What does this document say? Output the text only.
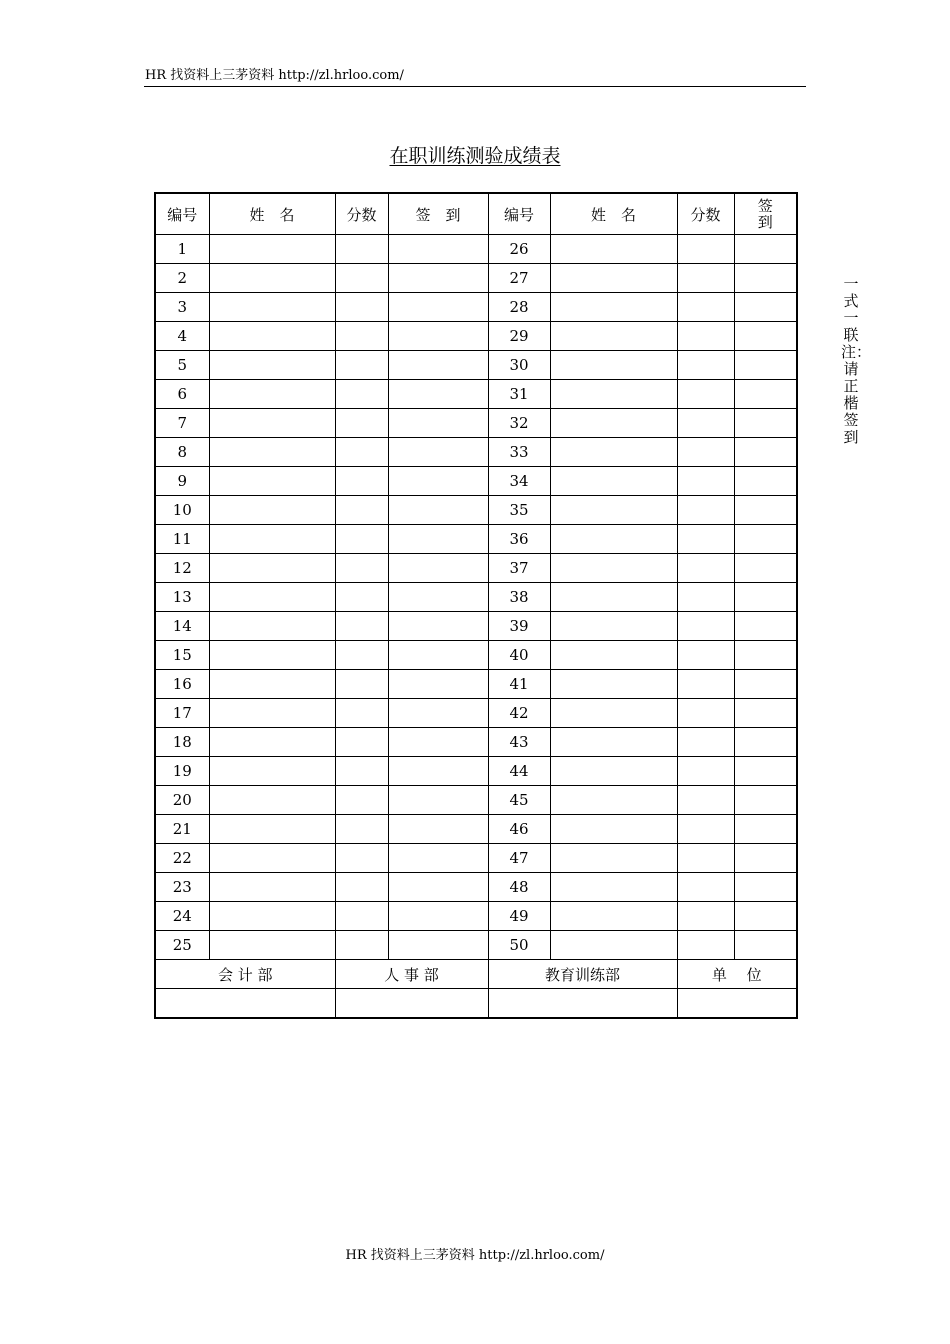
HR 找资料上三茅资料 http://zl.hrloo.com/
在职训练测验成绩表
编号	姓　名	分数	签　到	编号	姓　名	分数	签到
1				26			
2				27			
3				28			
4				29			
5				30			
6				31			
7				32			
8				33			
9				34			
10				35			
11				36			
12				37			
13				38			
14				39			
15				40			
16				41			
17				42			
18				43			
19				44			
20				45			
21				46			
22				47			
23				48			
24				49			
25				50			
会 计 部		人 事 部		教育训练部		单　 位	

一式一联 注：请正楷签到
HR 找资料上三茅资料 http://zl.hrloo.com/
